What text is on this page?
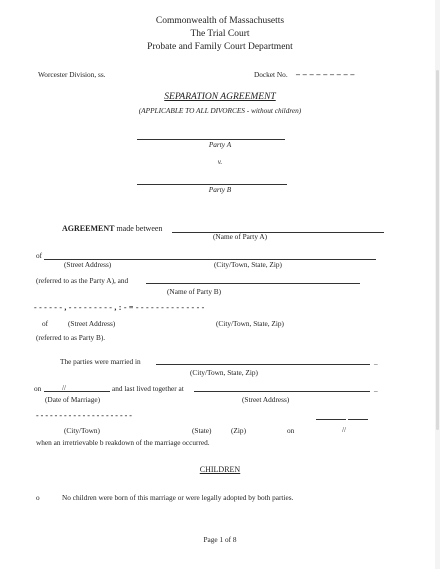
Commonwealth of Massachusetts
The Trial Court
Probate and Family Court Department
Worcester Division, ss.	Docket No. _ _ _ _ _ _ _ _ _
SEPARATION AGREEMENT
(APPLICABLE TO ALL DIVORCES - without children)
Party A
v.
Party B
AGREEMENT made between
(Name of Party A)
of
(Street Address)	(City/Town, State, Zip)
(referred to as the Party A), and
(Name of Party B)
- - - - - - , - - - - - - - - - , : - = - - - - - - - - - - - - - -
of	(Street Address)	(City/Town, State, Zip)
(referred to as Party B).
The parties were married in	_
(City/Town, State, Zip)
on	//	and last lived together at	_
(Date of Marriage)	(Street Address)
- - - - - - - - - - - - - - - - - - - - -
(City/Town)	(State)	(Zip)	on	//
when an irretrievable b reakdown of the marriage occurred.
CHILDREN
o	No children were born of this marriage or were legally adopted by both parties.
Page 1 of 8
